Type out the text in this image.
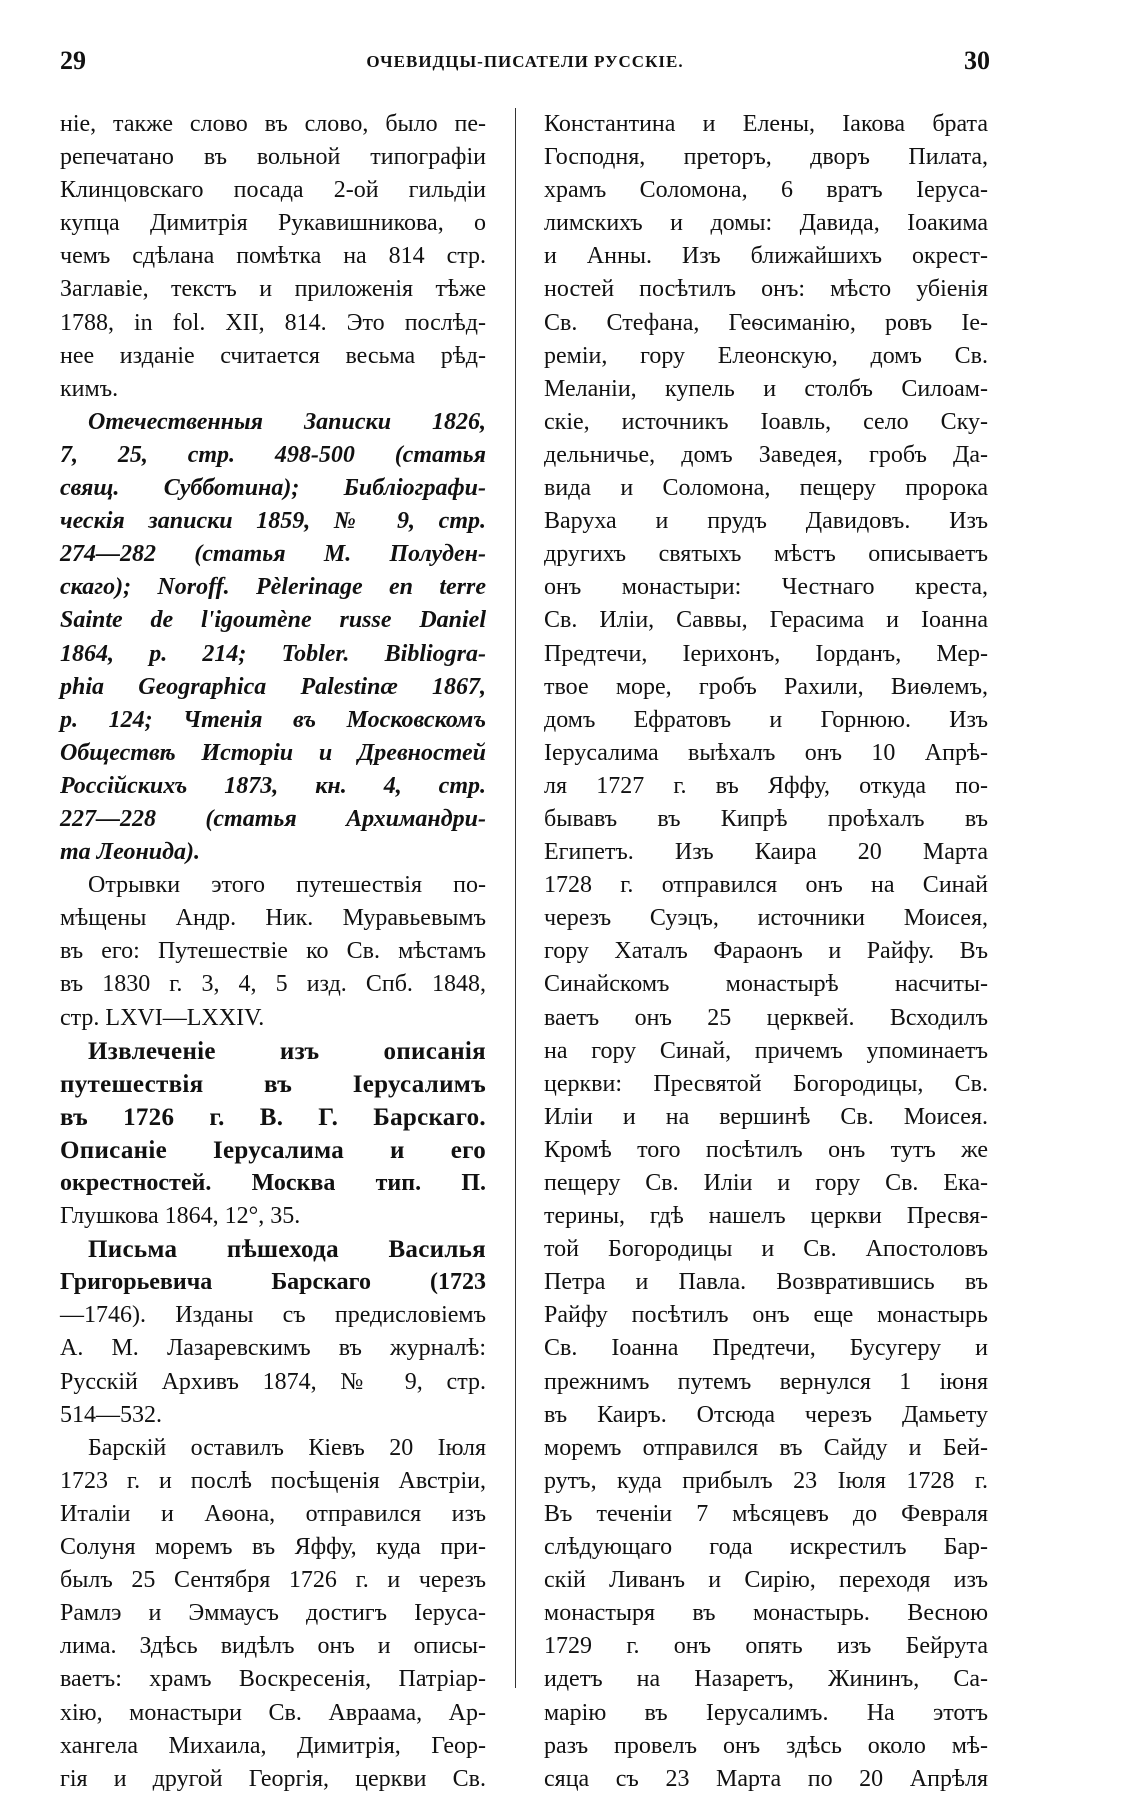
29	ОЧЕВИДЦЫ-ПИСАТЕЛИ РУССКІЕ.	30
ніе, также слово въ слово, было пе-
репечатано въ вольной типографіи
Клинцовскаго посада 2-ой гильдіи
купца Димитрія Рукавишникова, о
чемъ сдѣлана помѣтка на 814 стр.
Заглавіе, текстъ и приложенія тѣже
1788, in fol. XII, 814. Это послѣд-
нее изданіе считается весьма рѣд-
кимъ.
Отечественныя Записки 1826,
7, 25, стр. 498-500 (статья
свящ. Субботина); Библіографи-
ческія записки 1859, № 9, стр.
274—282 (статья М. Полуден-
скаго); Noroff. Pèlerinage en terre
Sainte de l'igoumène russe Daniel
1864, p. 214; Tobler. Bibliogra-
phia Geographica Palestinæ 1867,
p. 124; Чтенія въ Московскомъ
Обществѣ Исторіи и Древностей
Россійскихъ 1873, кн. 4, стр.
227—228 (статья Архимандри-
та Леонида).
Отрывки этого путешествія по-
мѣщены Андр. Ник. Муравьевымъ
въ его: Путешествіе ко Св. мѣстамъ
въ 1830 г. 3, 4, 5 изд. Спб. 1848,
стр. LXVI—LXXIV.
Извлеченіе изъ описанія
путешествія въ Іерусалимъ
въ 1726 г. В. Г. Барскаго.
Описаніе Іерусалима и его
окрестностей. Москва тип. П.
Глушкова 1864, 12°, 35.
Письма пѣшехода Василья
Григорьевича Барскаго (1723
—1746). Изданы съ предисловіемъ
А. М. Лазаревскимъ въ журналѣ:
Русскій Архивъ 1874, № 9, стр.
514—532.
Барскій оставилъ Кіевъ 20 Іюля
1723 г. и послѣ посѣщенія Австріи,
Италіи и Аѳона, отправился изъ
Солуня моремъ въ Яффу, куда при-
былъ 25 Сентября 1726 г. и черезъ
Рамлэ и Эммаусъ достигъ Іеруса-
лима. Здѣсь видѣлъ онъ и описы-
ваетъ: храмъ Воскресенія, Патріар-
хію, монастыри Св. Авраама, Ар-
хангела Михаила, Димитрія, Геор-
гія и другой Георгія, церкви Св.
Константина и Елены, Іакова брата
Господня, преторъ, дворъ Пилата,
храмъ Соломона, 6 вратъ Іеруса-
лимскихъ и домы: Давида, Іоакима
и Анны. Изъ ближайшихъ окрест-
ностей посѣтилъ онъ: мѣсто убіенія
Св. Стефана, Геѳсиманію, ровъ Іе-
реміи, гору Елеонскую, домъ Св.
Меланіи, купель и столбъ Силоам-
скіе, источникъ Іоавль, село Ску-
дельничье, домъ Заведея, гробъ Да-
вида и Соломона, пещеру пророка
Варуха и прудъ Давидовъ. Изъ
другихъ святыхъ мѣстъ описываетъ
онъ монастыри: Честнаго креста,
Св. Иліи, Саввы, Герасима и Іоанна
Предтечи, Іерихонъ, Іорданъ, Мер-
твое море, гробъ Рахили, Виѳлемъ,
домъ Ефратовъ и Горнюю. Изъ
Іерусалима выѣхалъ онъ 10 Апрѣ-
ля 1727 г. въ Яффу, откуда по-
бывавъ въ Кипрѣ проѣхалъ въ
Египетъ. Изъ Каира 20 Марта
1728 г. отправился онъ на Синай
черезъ Суэцъ, источники Моисея,
гору Хаталъ Фараонъ и Райфу. Въ
Синайскомъ монастырѣ насчиты-
ваетъ онъ 25 церквей. Всходилъ
на гору Синай, причемъ упоминаетъ
церкви: Пресвятой Богородицы, Св.
Иліи и на вершинѣ Св. Моисея.
Кромѣ того посѣтилъ онъ тутъ же
пещеру Св. Иліи и гору Св. Ека-
терины, гдѣ нашелъ церкви Пресвя-
той Богородицы и Св. Апостоловъ
Петра и Павла. Возвратившись въ
Райфу посѣтилъ онъ еще монастырь
Св. Іоанна Предтечи, Бусугеру и
прежнимъ путемъ вернулся 1 іюня
въ Каиръ. Отсюда черезъ Дамьету
моремъ отправился въ Сайду и Бей-
рутъ, куда прибылъ 23 Іюля 1728 г.
Въ теченіи 7 мѣсяцевъ до Февраля
слѣдующаго года искрестилъ Бар-
скій Ливанъ и Сирію, переходя изъ
монастыря въ монастырь. Весною
1729 г. онъ опять изъ Бейрута
идетъ на Назаретъ, Жининъ, Са-
марію въ Іерусалимъ. На этотъ
разъ провелъ онъ здѣсь около мѣ-
сяца съ 23 Марта по 20 Апрѣля
